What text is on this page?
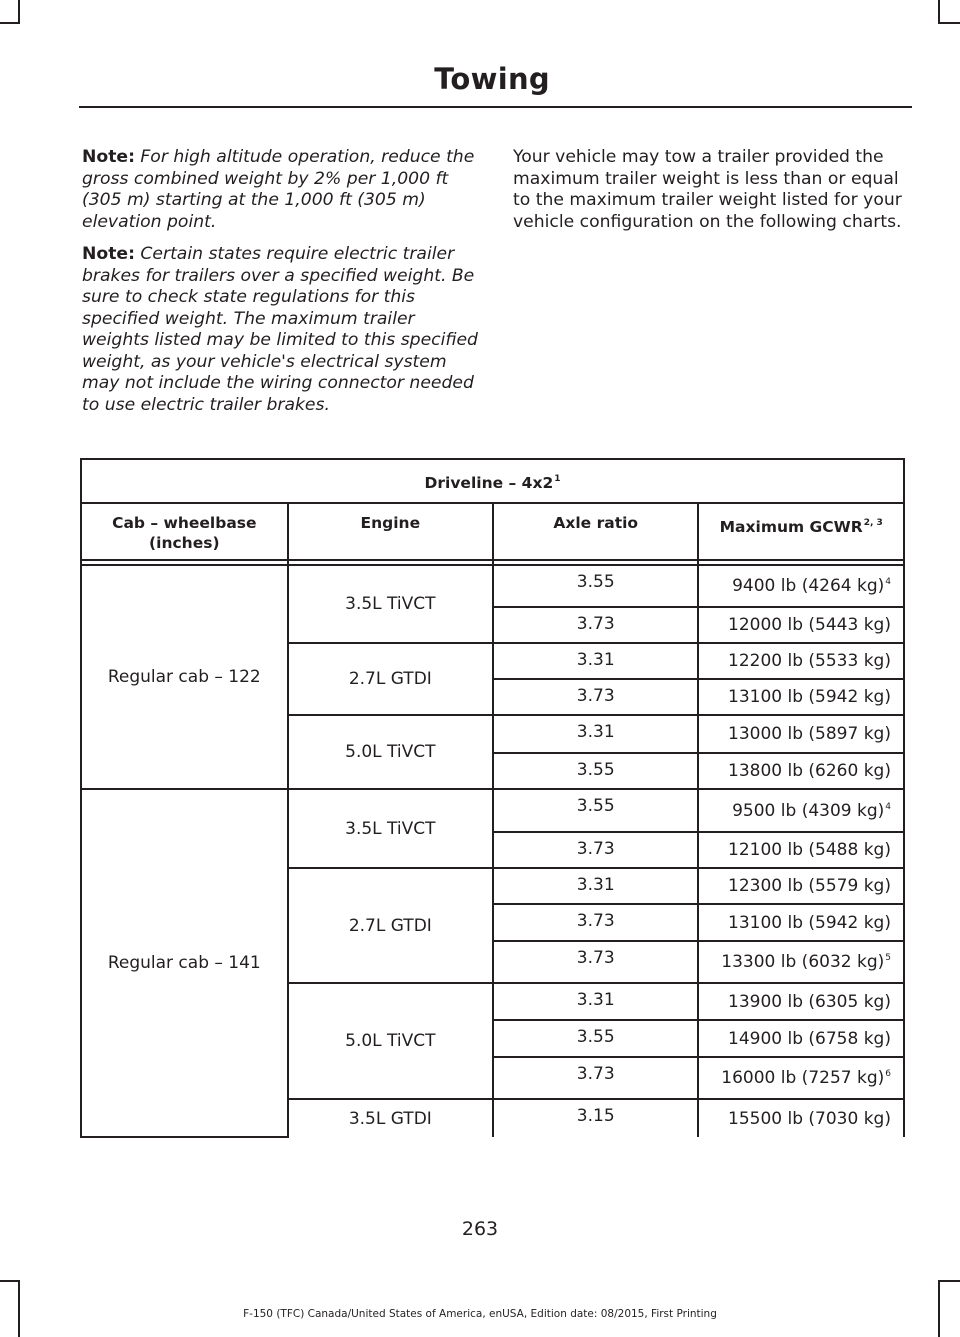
Towing

Note: For high altitude operation, reduce the gross combined weight by 2% per 1,000 ft (305 m) starting at the 1,000 ft (305 m) elevation point.

Note: Certain states require electric trailer brakes for trailers over a specified weight. Be sure to check state regulations for this specified weight. The maximum trailer weights listed may be limited to this specified weight, as your vehicle's electrical system may not include the wiring connector needed to use electric trailer brakes.

Your vehicle may tow a trailer provided the maximum trailer weight is less than or equal to the maximum trailer weight listed for your vehicle configuration on the following charts.

Driveline – $4x2^1$
Cab – wheelbase (inches)	Engine	Axle ratio	Maximum GCWR$^{2, 3}$

Regular cab – 122	3.5L TiVCT	3.55	9400 lb (4264 kg)$^4$
		3.73	12000 lb (5443 kg)
	2.7L GTDI	3.31	12200 lb (5533 kg)
		3.73	13100 lb (5942 kg)
	5.0L TiVCT	3.31	13000 lb (5897 kg)
		3.55	13800 lb (6260 kg)
Regular cab – 141	3.5L TiVCT	3.55	9500 lb (4309 kg)$^4$
		3.73	12100 lb (5488 kg)
	2.7L GTDI	3.31	12300 lb (5579 kg)
		3.73	13100 lb (5942 kg)
		3.73	13300 lb (6032 kg)$^5$
	5.0L TiVCT	3.31	13900 lb (6305 kg)
		3.55	14900 lb (6758 kg)
		3.73	16000 lb (7257 kg)$^6$
	3.5L GTDI	3.15	15500 lb (7030 kg)
263
F-150 (TFC) Canada/United States of America, enUSA, Edition date: 08/2015, First Printing
